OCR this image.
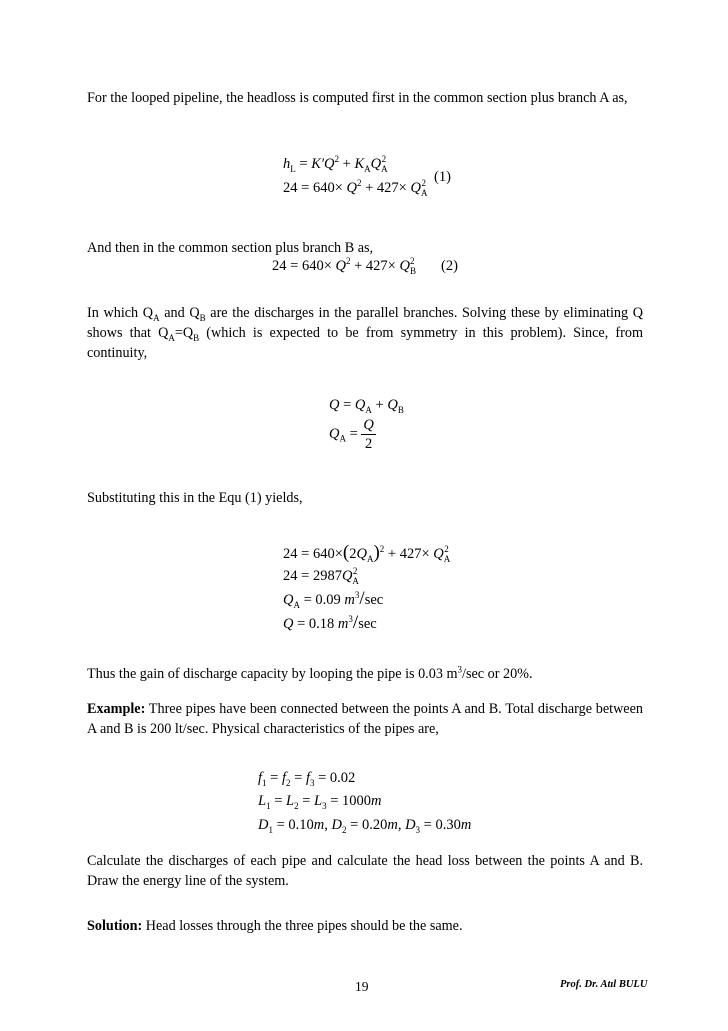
For the looped pipeline, the headloss is computed first in the common section plus branch A as,
$h_L = K'Q^2 + K_AQ_A^2$
(1)
$24 = 640\times Q^2 + 427\times Q_A^2$
And then in the common section plus branch B as,
$24 = 640\times Q^2 + 427\times Q_B^2$ (2)
In which $Q_A$ and $Q_B$ are the discharges in the parallel branches. Solving these by eliminating Q shows that $Q_A=Q_B$ (which is expected to be from symmetry in this problem). Since, from continuity,
$Q = Q_A + Q_B$
$Q_A = \frac{Q}{2}$
Substituting this in the Equ (1) yields,
$24 = 640\times(2Q_A)^2 + 427\times Q_A^2$
$24 = 2987Q_A^2$
$Q_A = 0.09$ $m^3/\sec$
Q = 0.18 $m^3/\sec$
Thus the gain of discharge capacity by looping the pipe is 0.03 $m^3/\sec$ or 20%.
Example: Three pipes have been connected between the points A and B. Total discharge between A and B is 200 lt/sec. Physical characteristics of the pipes are,
$f_1 = f_2 = f_3 = 0.02$
$L_1 = L_2 = L_3 = 1000m$
$D_1 = 0.10m$, $D_2 = 0.20m$, $D_3 = 0.30m$
Calculate the discharges of each pipe and calculate the head loss between the points A and B. Draw the energy line of the system.
Solution: Head losses through the three pipes should be the same.
19	Prof. Dr. Atıl BULU
